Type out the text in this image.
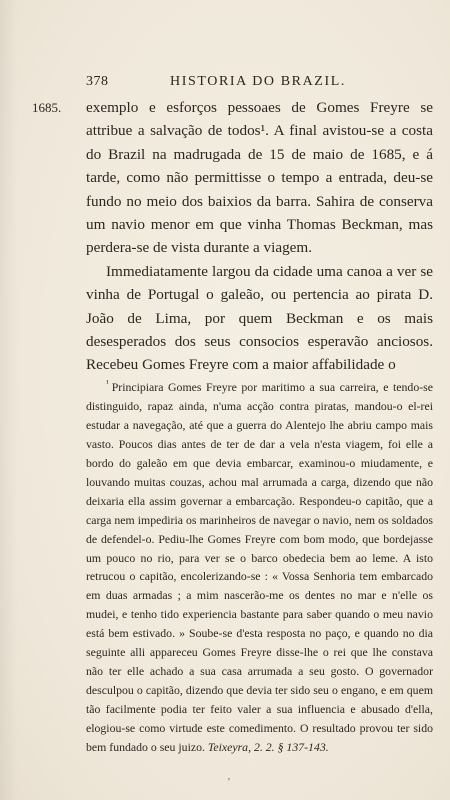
378	HISTORIA DO BRAZIL.
1685. exemplo e esforços pessoaes de Gomes Freyre se attribue a salvação de todos¹. A final avistou-se a costa do Brazil na madrugada de 15 de maio de 1685, e á tarde, como não permittisse o tempo a entrada, deu-se fundo no meio dos baixios da barra. Sahira de conserva um navio menor em que vinha Thomas Beckman, mas perdera-se de vista durante a viagem.

Immediatamente largou da cidade uma canoa a ver se vinha de Portugal o galeão, ou pertencia ao pirata D. João de Lima, por quem Beckman e os mais desesperados dos seus consocios esperavão anciosos. Recebeu Gomes Freyre com a maior affabilidade o

$^{^1}$ Principiara Gomes Freyre por maritimo a sua carreira, e tendo-se distinguido, rapaz ainda, n'uma acção contra piratas, mandou-o el-rei estudar a navegação, até que a guerra do Alentejo lhe abriu campo mais vasto. Poucos dias antes de ter de dar a vela n'esta viagem, foi elle a bordo do galeão em que devia embarcar, examinou-o miudamente, e louvando muitas couzas, achou mal arrumada a carga, dizendo que não deixaria ella assim governar a embarcação. Respondeu-o capitão, que a carga nem impediria os marinheiros de navegar o navio, nem os soldados de defendel-o. Pediu-lhe Gomes Freyre com bom modo, que bordejasse um pouco no rio, para ver se o barco obedecia bem ao leme. A isto retrucou o capitão, encolerizando-se : « Vossa Senhoria tem embarcado em duas armadas ; a mim nascerão-me os dentes no mar e n'elle os mudei, e tenho tido experiencia bastante para saber quando o meu navio está bem estivado. » Soube-se d'esta resposta no paço, e quando no dia seguinte alli appareceu Gomes Freyre disse-lhe o rei que lhe constava não ter elle achado a sua casa arrumada a seu gosto. O governador desculpou o capitão, dizendo que devia ter sido seu o engano, e em quem tão facilmente podia ter feito valer a sua influencia e abusado d'ella, elogiou-se como virtude este comedimento. O resultado provou ter sido bem fundado o seu juizo. Teixeyra, 2. 2. § 137-143.

’
